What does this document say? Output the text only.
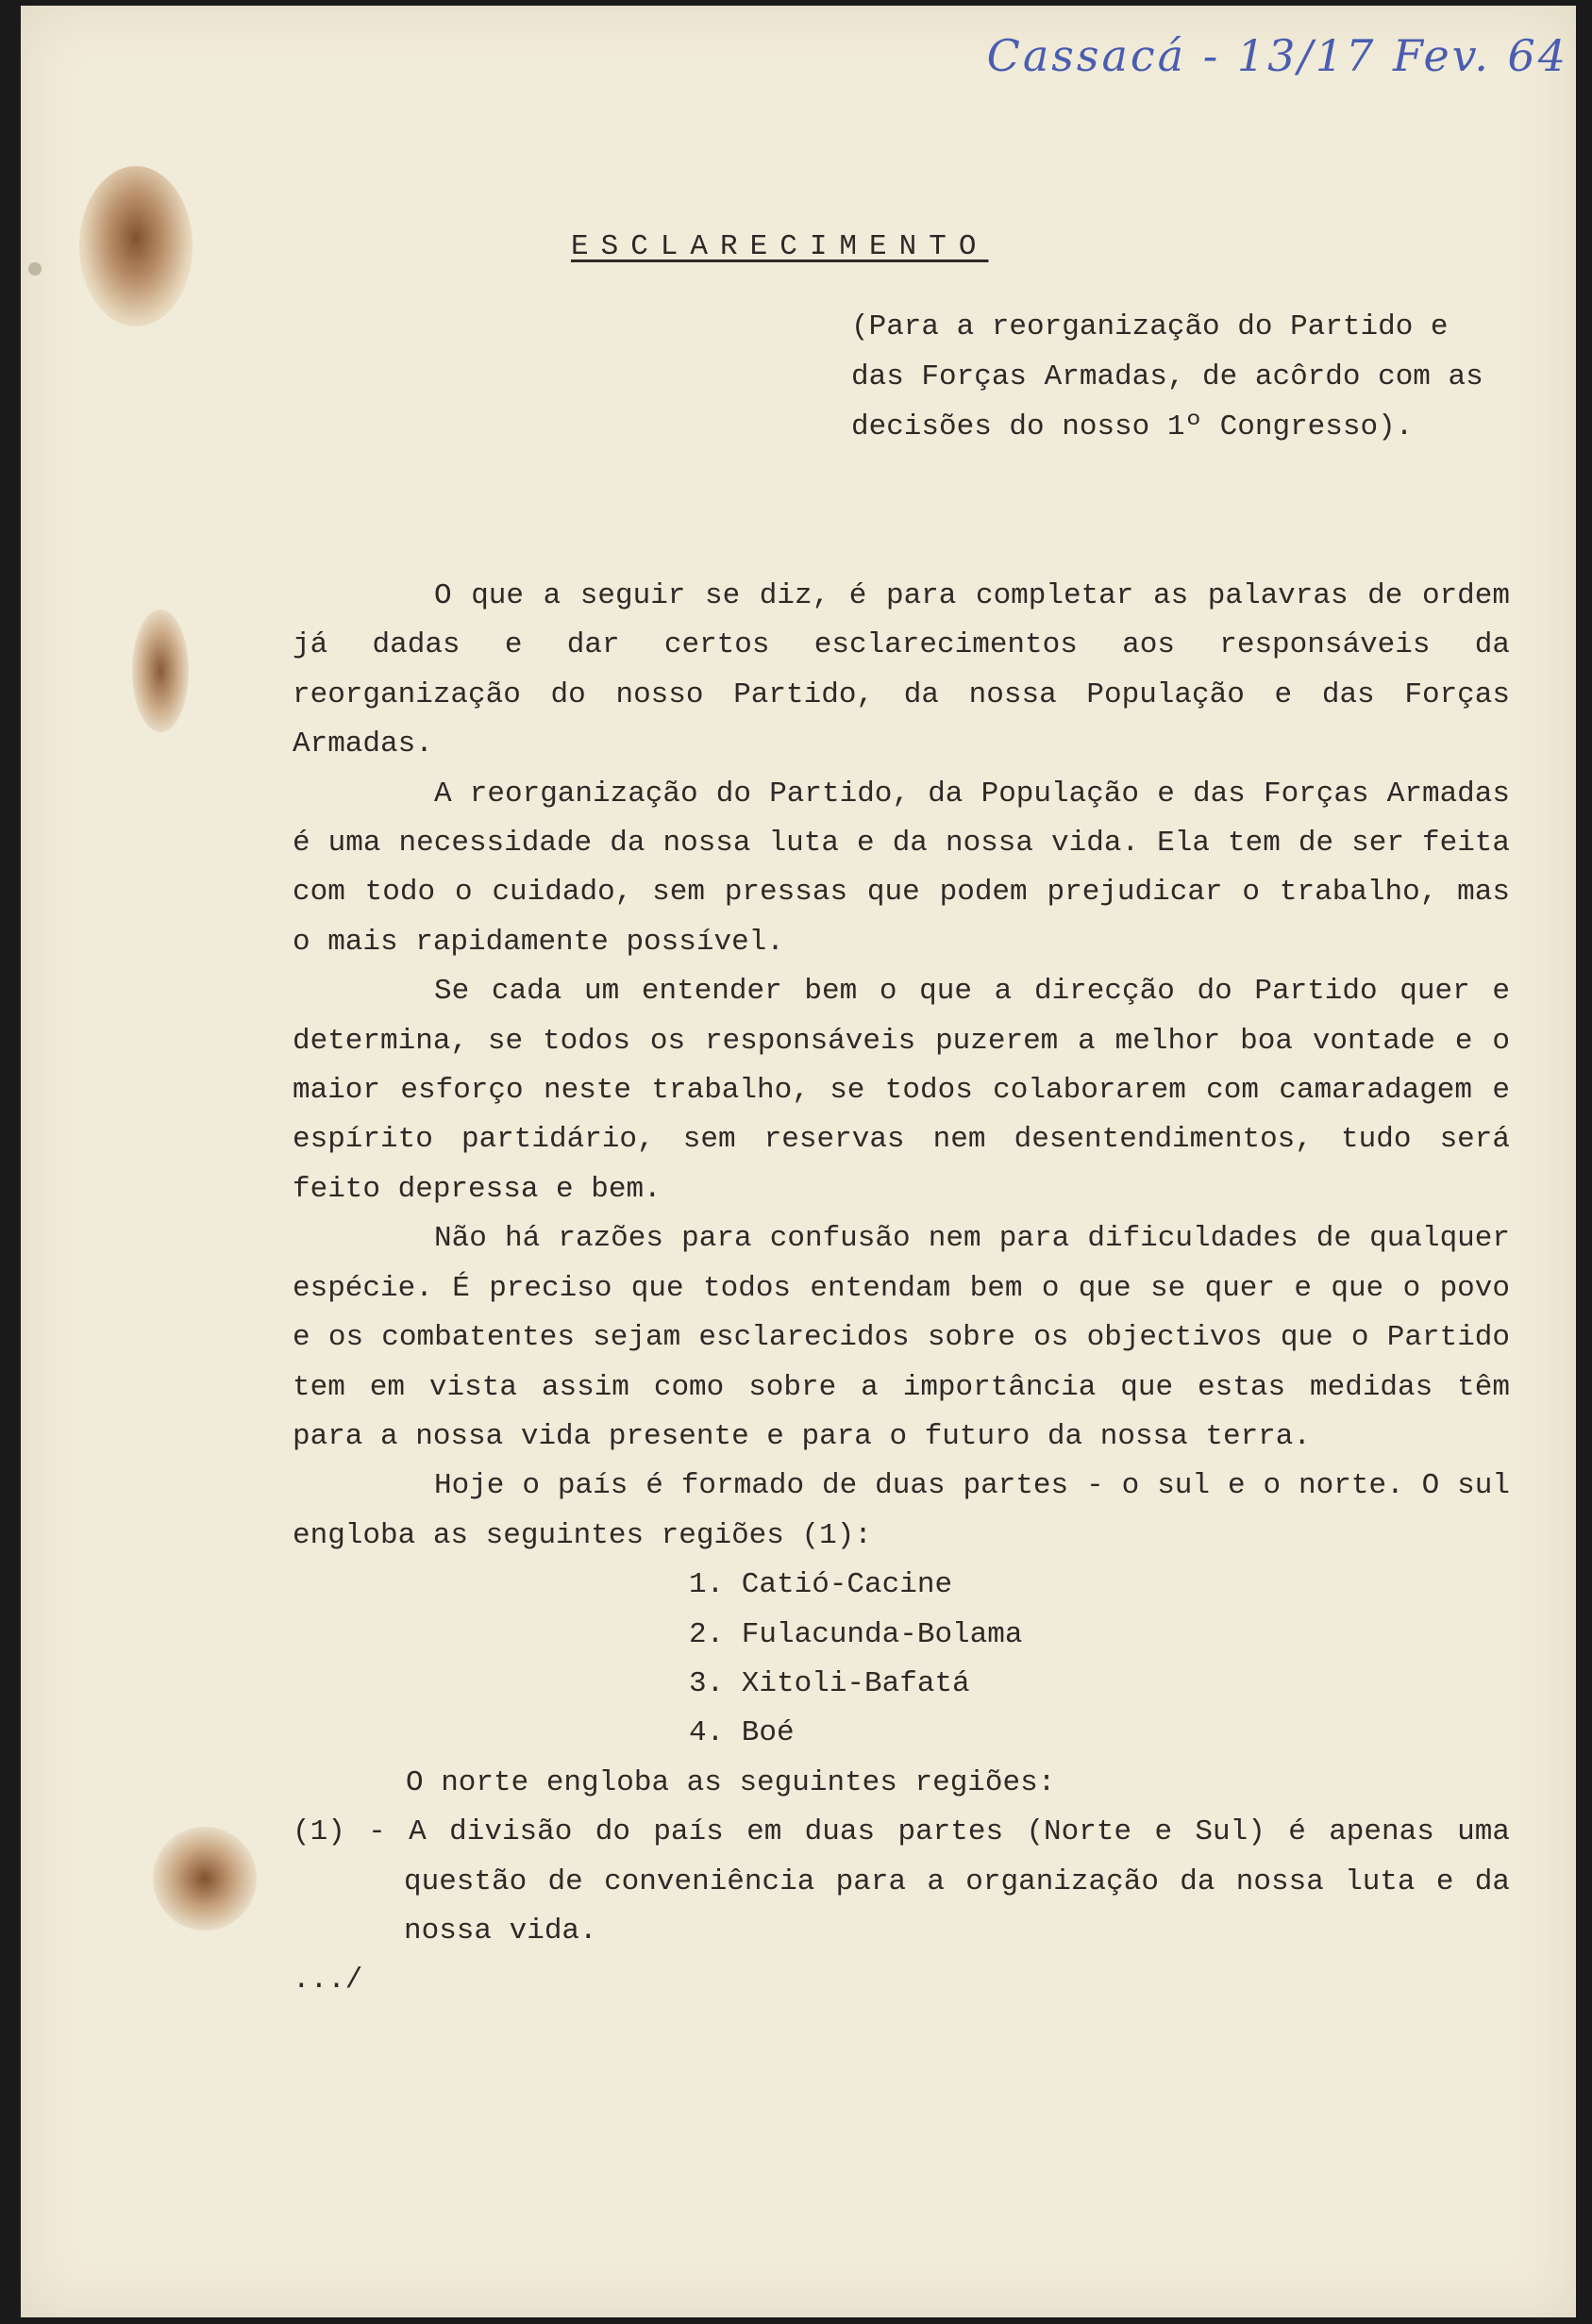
Cassacá - 13/17 Fev. 64
ESCLARECIMENTO

(Para a reorganização do Partido e das Forças Armadas, de acôrdo com as decisões do nosso 1º Congresso).

O que a seguir se diz, é para completar as palavras de ordem já dadas e dar certos esclarecimentos aos responsáveis da reorganização do nosso Partido, da nossa População e das Forças Armadas.

A reorganização do Partido, da População e das Forças Armadas é uma necessidade da nossa luta e da nossa vida. Ela tem de ser feita com todo o cuidado, sem pressas que podem prejudicar o trabalho, mas o mais rapidamente possível.

Se cada um entender bem o que a direcção do Partido quer e determina, se todos os responsáveis puzerem a melhor boa vontade e o maior esforço neste trabalho, se todos colaborarem com camaradagem e espírito partidário, sem reservas nem desentendimentos, tudo será feito depressa e bem.

Não há razões para confusão nem para dificuldades de qualquer espécie. É preciso que todos entendam bem o que se quer e que o povo e os combatentes sejam esclarecidos sobre os objectivos que o Partido tem em vista assim como sobre a importância que estas medidas têm para a nossa vida presente e para o futuro da nossa terra.

Hoje o país é formado de duas partes - o sul e o norte. O sul engloba as seguintes regiões (1):

1. Catió-Cacine
2. Fulacunda-Bolama
3. Xitoli-Bafatá
4. Boé

O norte engloba as seguintes regiões:

(1) - A divisão do país em duas partes (Norte e Sul) é apenas uma questão de conveniência para a organização da nossa luta e da nossa vida.

.../
